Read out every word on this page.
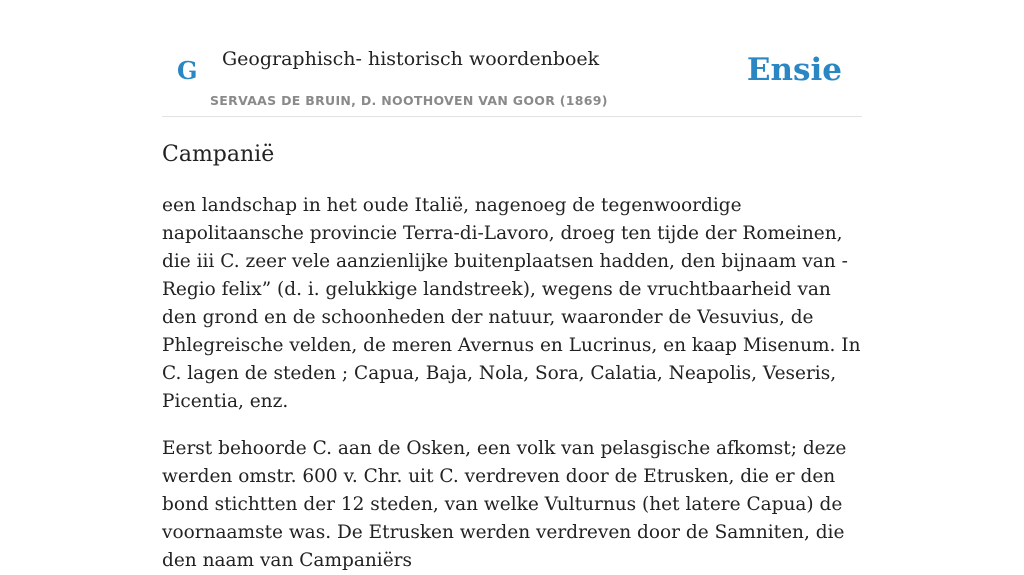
G Geographisch- historisch woordenboek
SERVAAS DE BRUIN, D. NOOTHOVEN VAN GOOR (1869)
Ensie
Campanië

een landschap in het oude Italië, nagenoeg de tegenwoordige napolitaansche provincie Terra-di-Lavoro, droeg ten tijde der Romeinen, die iii C. zeer vele aanzienlijke buitenplaatsen hadden, den bijnaam van -Regio felix” (d. i. gelukkige landstreek), wegens de vruchtbaarheid van den grond en de schoonheden der natuur, waaronder de Vesuvius, de Phlegreische velden, de meren Avernus en Lucrinus, en kaap Misenum. In C. lagen de steden ; Capua, Baja, Nola, Sora, Calatia, Neapolis, Veseris, Picentia, enz.

Eerst behoorde C. aan de Osken, een volk van pelasgische afkomst; deze werden omstr. 600 v. Chr. uit C. verdreven door de Etrusken, die er den bond stichtten der 12 steden, van welke Vulturnus (het latere Capua) de voornaamste was. De Etrusken werden verdreven door de Samniten, die den naam van Campaniërs
